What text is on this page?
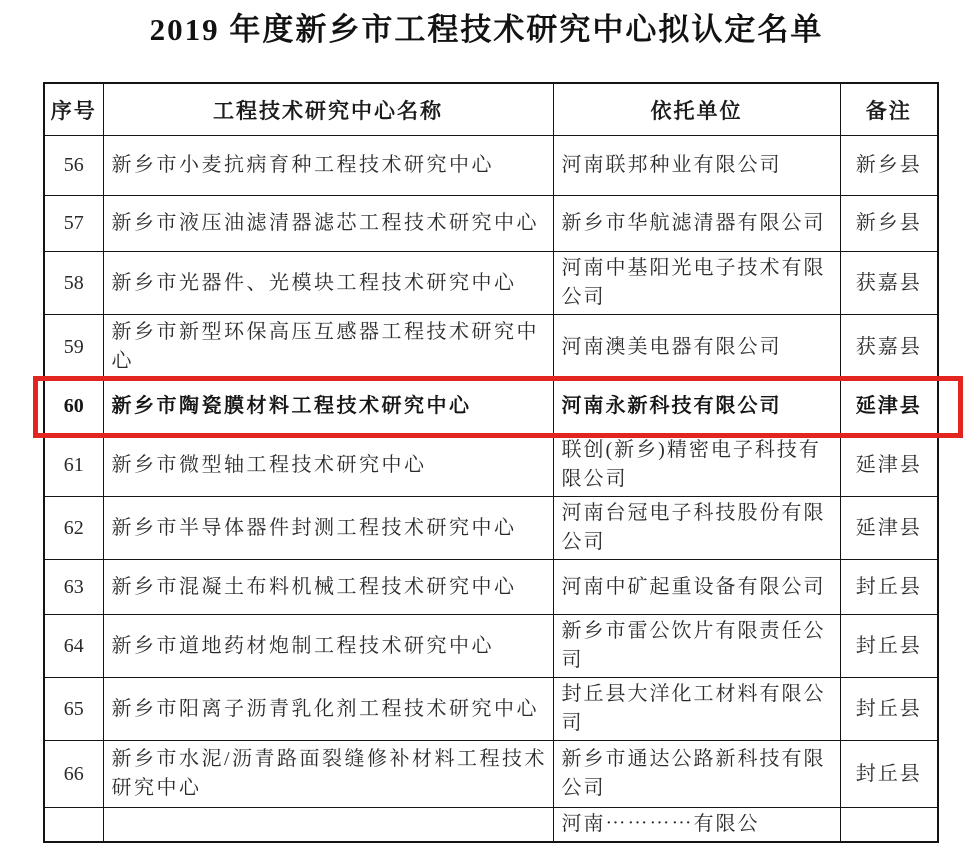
2019 年度新乡市工程技术研究中心拟认定名单
序号	工程技术研究中心名称	依托单位	备注
56	新乡市小麦抗病育种工程技术研究中心	河南联邦种业有限公司	新乡县
57	新乡市液压油滤清器滤芯工程技术研究中心	新乡市华航滤清器有限公司	新乡县
58	新乡市光器件、光模块工程技术研究中心	河南中基阳光电子技术有限公司	获嘉县
59	新乡市新型环保高压互感器工程技术研究中心	河南澳美电器有限公司	获嘉县
60	新乡市陶瓷膜材料工程技术研究中心	河南永新科技有限公司	延津县
61	新乡市微型轴工程技术研究中心	联创(新乡)精密电子科技有限公司	延津县
62	新乡市半导体器件封测工程技术研究中心	河南台冠电子科技股份有限公司	延津县
63	新乡市混凝土布料机械工程技术研究中心	河南中矿起重设备有限公司	封丘县
64	新乡市道地药材炮制工程技术研究中心	新乡市雷公饮片有限责任公司	封丘县
65	新乡市阳离子沥青乳化剂工程技术研究中心	封丘县大洋化工材料有限公司	封丘县
66	新乡市水泥/沥青路面裂缝修补材料工程技术研究中心	新乡市通达公路新科技有限公司	封丘县
		河南⋯⋯⋯⋯有限公	
